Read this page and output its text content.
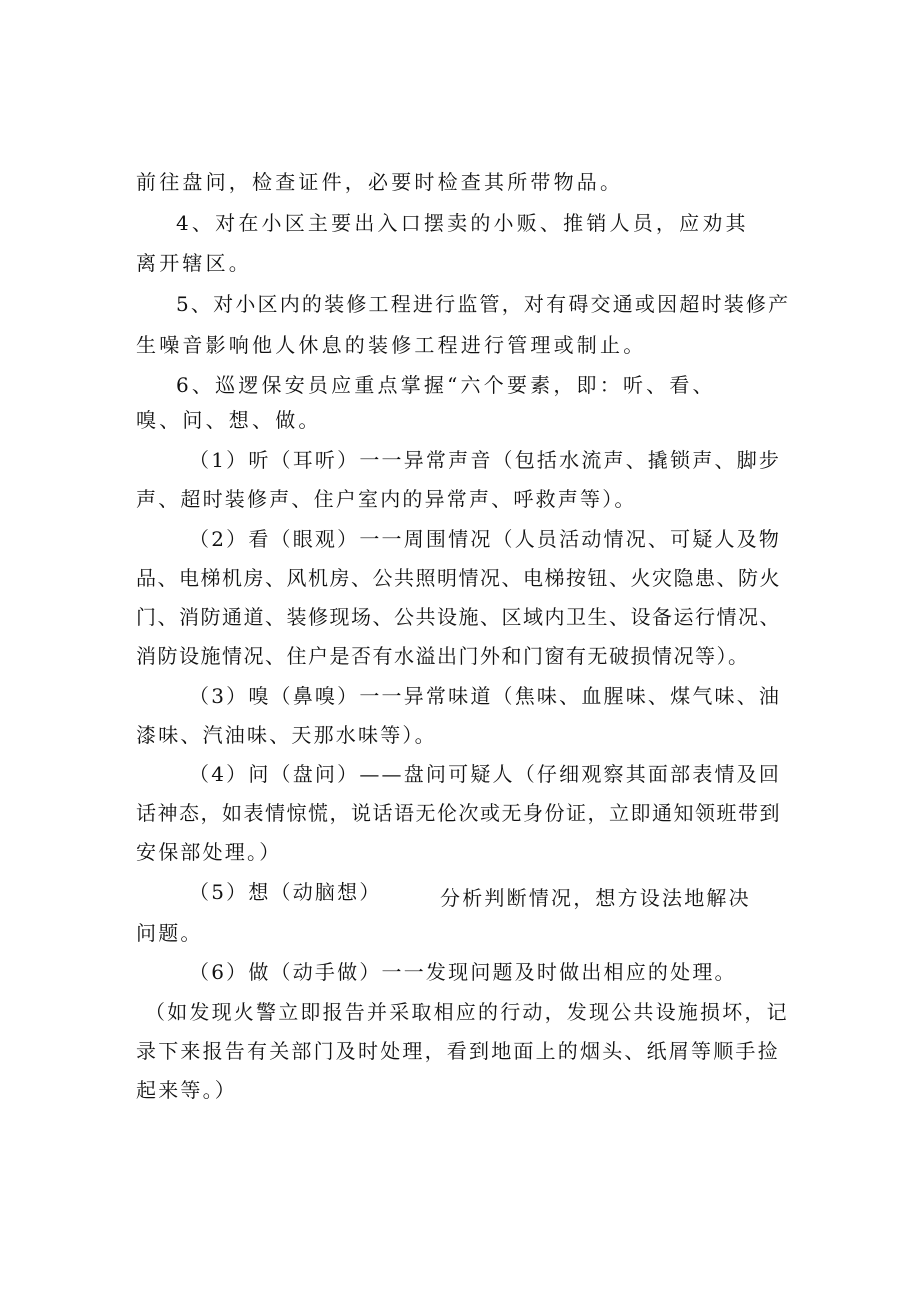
前往盘问，检查证件，必要时检查其所带物品。
4、对在小区主要出入口摆卖的小贩、推销人员，应劝其
离开辖区。
5、对小区内的装修工程进行监管，对有碍交通或因超时装修产
生噪音影响他人休息的装修工程进行管理或制止。
6、巡逻保安员应重点掌握“六个要素，即：听、看、
嗅、问、想、做。
（1）听（耳听）一一异常声音（包括水流声、撬锁声、脚步
声、超时装修声、住户室内的异常声、呼救声等）。
（2）看（眼观）一一周围情况（人员活动情况、可疑人及物
品、电梯机房、风机房、公共照明情况、电梯按钮、火灾隐患、防火
门、消防通道、装修现场、公共设施、区域内卫生、设备运行情况、
消防设施情况、住户是否有水溢出门外和门窗有无破损情况等）。
（3）嗅（鼻嗅）一一异常味道（焦味、血腥味、煤气味、油
漆味、汽油味、天那水味等）。
（4）问（盘问）——盘问可疑人（仔细观察其面部表情及回
话神态，如表情惊慌，说话语无伦次或无身份证，立即通知领班带到
安保部处理。）
（5）想（动脑想）	分析判断情况，想方设法地解决
问题。
（6）做（动手做）一一发现问题及时做出相应的处理。
（如发现火警立即报告并采取相应的行动，发现公共设施损坏，记
录下来报告有关部门及时处理，看到地面上的烟头、纸屑等顺手捡
起来等。）
